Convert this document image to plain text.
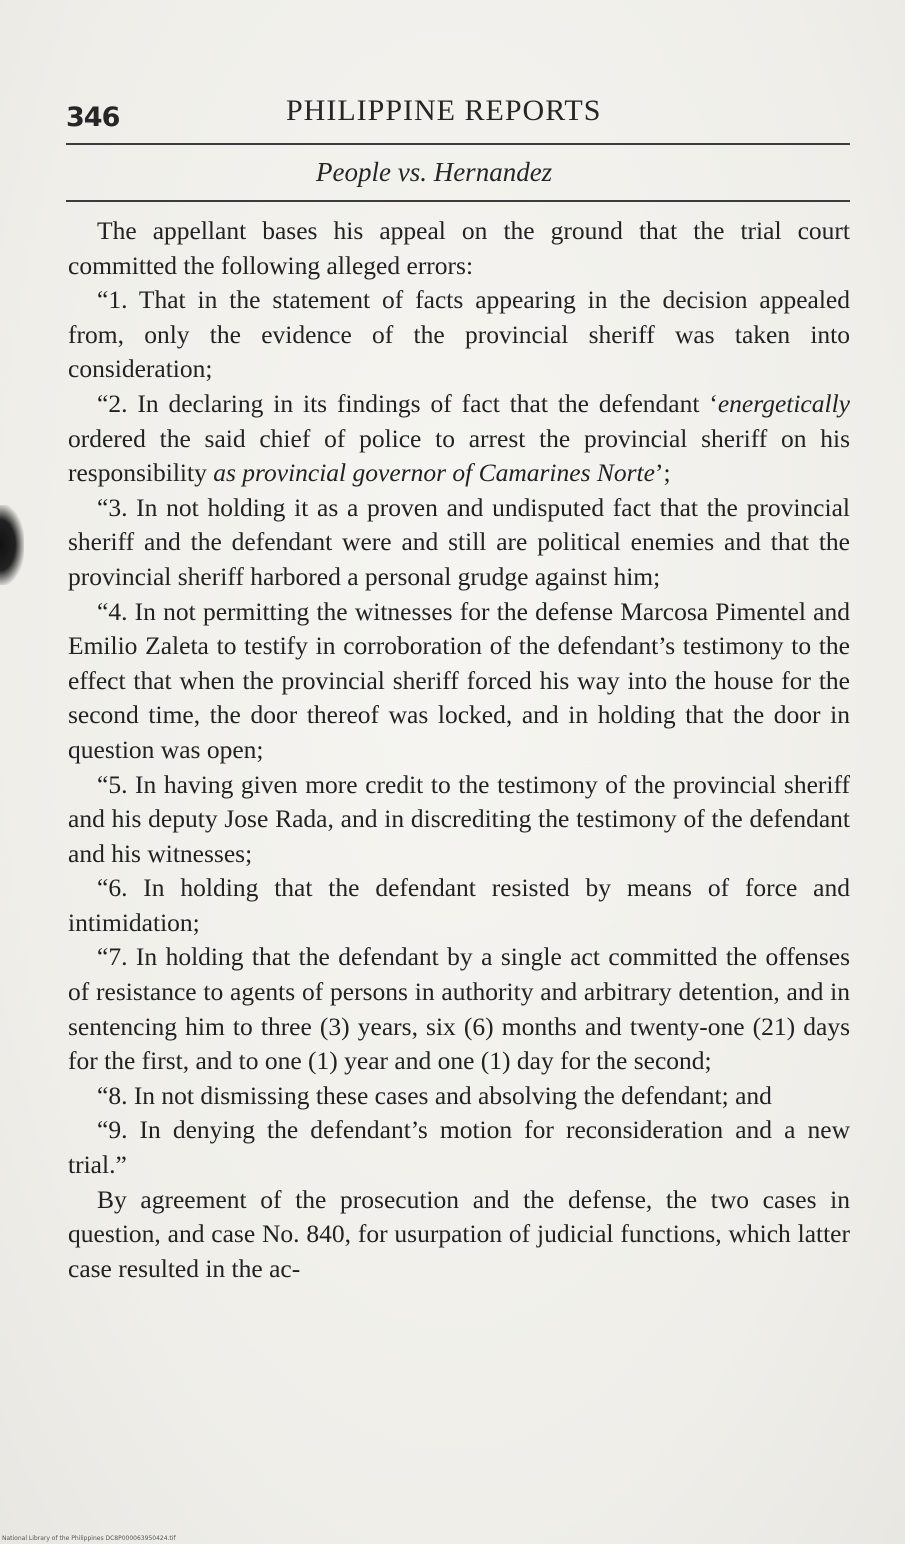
346	PHILIPPINE REPORTS
People vs. Hernandez

The appellant bases his appeal on the ground that the trial court committed the following alleged errors:

“1. That in the statement of facts appearing in the decision appealed from, only the evidence of the provincial sheriff was taken into consideration;

“2. In declaring in its findings of fact that the defendant ‘energetically ordered the said chief of police to arrest the provincial sheriff on his responsibility as provincial governor of Camarines Norte’;

“3. In not holding it as a proven and undisputed fact that the provincial sheriff and the defendant were and still are political enemies and that the provincial sheriff harbored a personal grudge against him;

“4. In not permitting the witnesses for the defense Marcosa Pimentel and Emilio Zaleta to testify in corroboration of the defendant’s testimony to the effect that when the provincial sheriff forced his way into the house for the second time, the door thereof was locked, and in holding that the door in question was open;

“5. In having given more credit to the testimony of the provincial sheriff and his deputy Jose Rada, and in discrediting the testimony of the defendant and his witnesses;

“6. In holding that the defendant resisted by means of force and intimidation;

“7. In holding that the defendant by a single act committed the offenses of resistance to agents of persons in authority and arbitrary detention, and in sentencing him to three (3) years, six (6) months and twenty-one (21) days for the first, and to one (1) year and one (1) day for the second;

“8. In not dismissing these cases and absolving the defendant; and

“9. In denying the defendant’s motion for reconsideration and a new trial.”

By agreement of the prosecution and the defense, the two cases in question, and case No. 840, for usurpation of judicial functions, which latter case resulted in the ac-

National Library of the Philippines DC8P000063950424.tif
